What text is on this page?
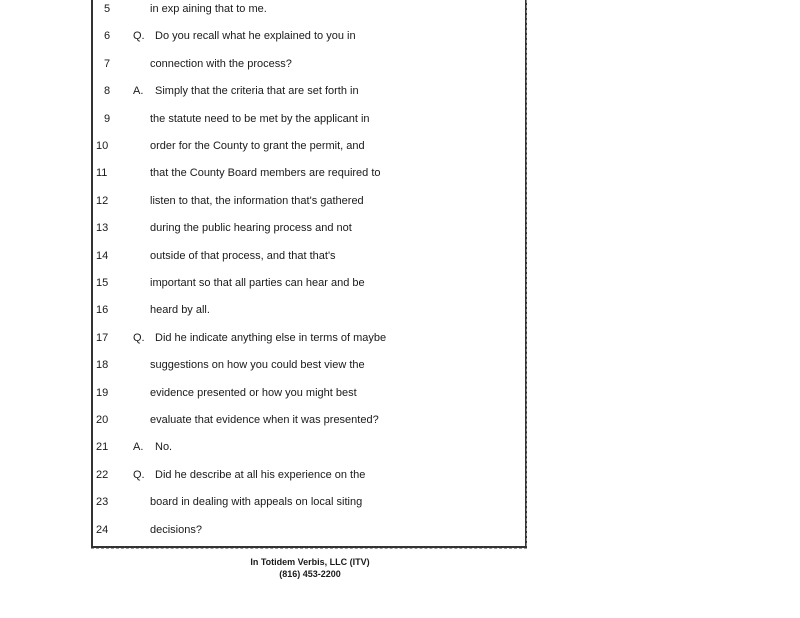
5	in exp aining that to me.
6	Q. Do you recall what he explained to you in
7	connection with the process?
8	A. Simply that the criteria that are set forth in
9	the statute need to be met by the applicant in
10	order for the County to grant the permit, and
11	that the County Board members are required to
12	listen to that, the information that's gathered
13	during the public hearing process and not
14	outside of that process, and that that's
15	important so that all parties can hear and be
16	heard by all.
17	Q. Did he indicate anything else in terms of maybe
18	suggestions on how you could best view the
19	evidence presented or how you might best
20	evaluate that evidence when it was presented?
21	A. No.
22	Q. Did he describe at all his experience on the
23	board in dealing with appeals on local siting
24	decisions?
In Totidem Verbis, LLC (ITV)
(816) 453-2200
